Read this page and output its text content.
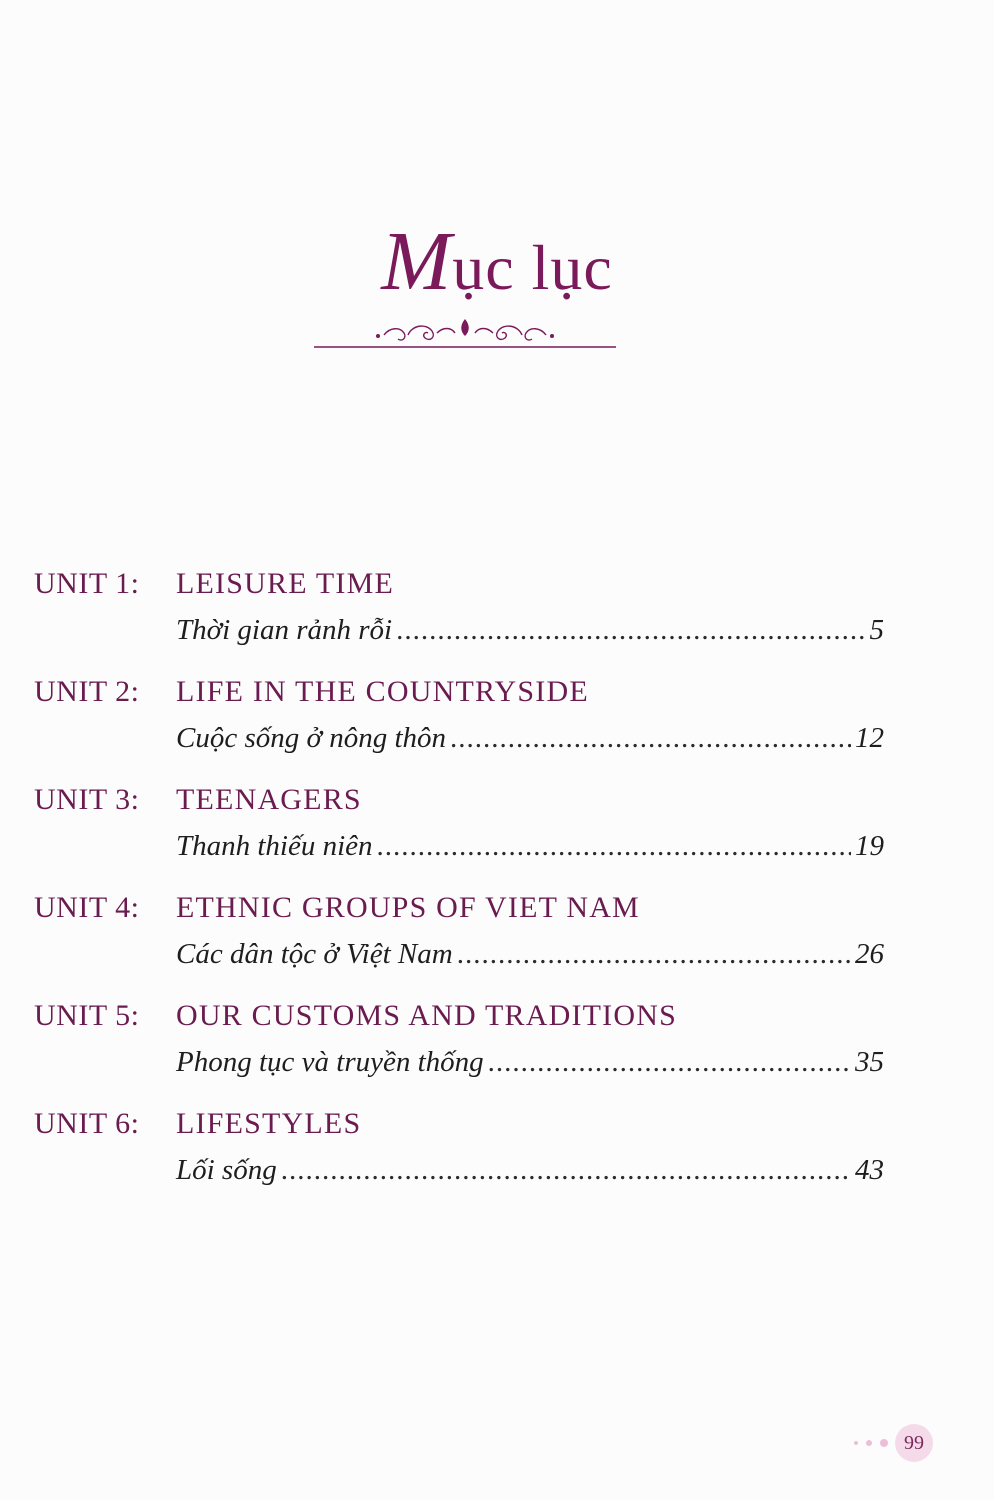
Mục lục
UNIT 1: LEISURE TIME
Thời gian rảnh rỗi .....	5
UNIT 2: LIFE IN THE COUNTRYSIDE
Cuộc sống ở nông thôn .....	12
UNIT 3: TEENAGERS
Thanh thiếu niên .....	19
UNIT 4: ETHNIC GROUPS OF VIET NAM
Các dân tộc ở Việt Nam .....	26
UNIT 5: OUR CUSTOMS AND TRADITIONS
Phong tục và truyền thống .....	35
UNIT 6: LIFESTYLES
Lối sống .....	43
99
